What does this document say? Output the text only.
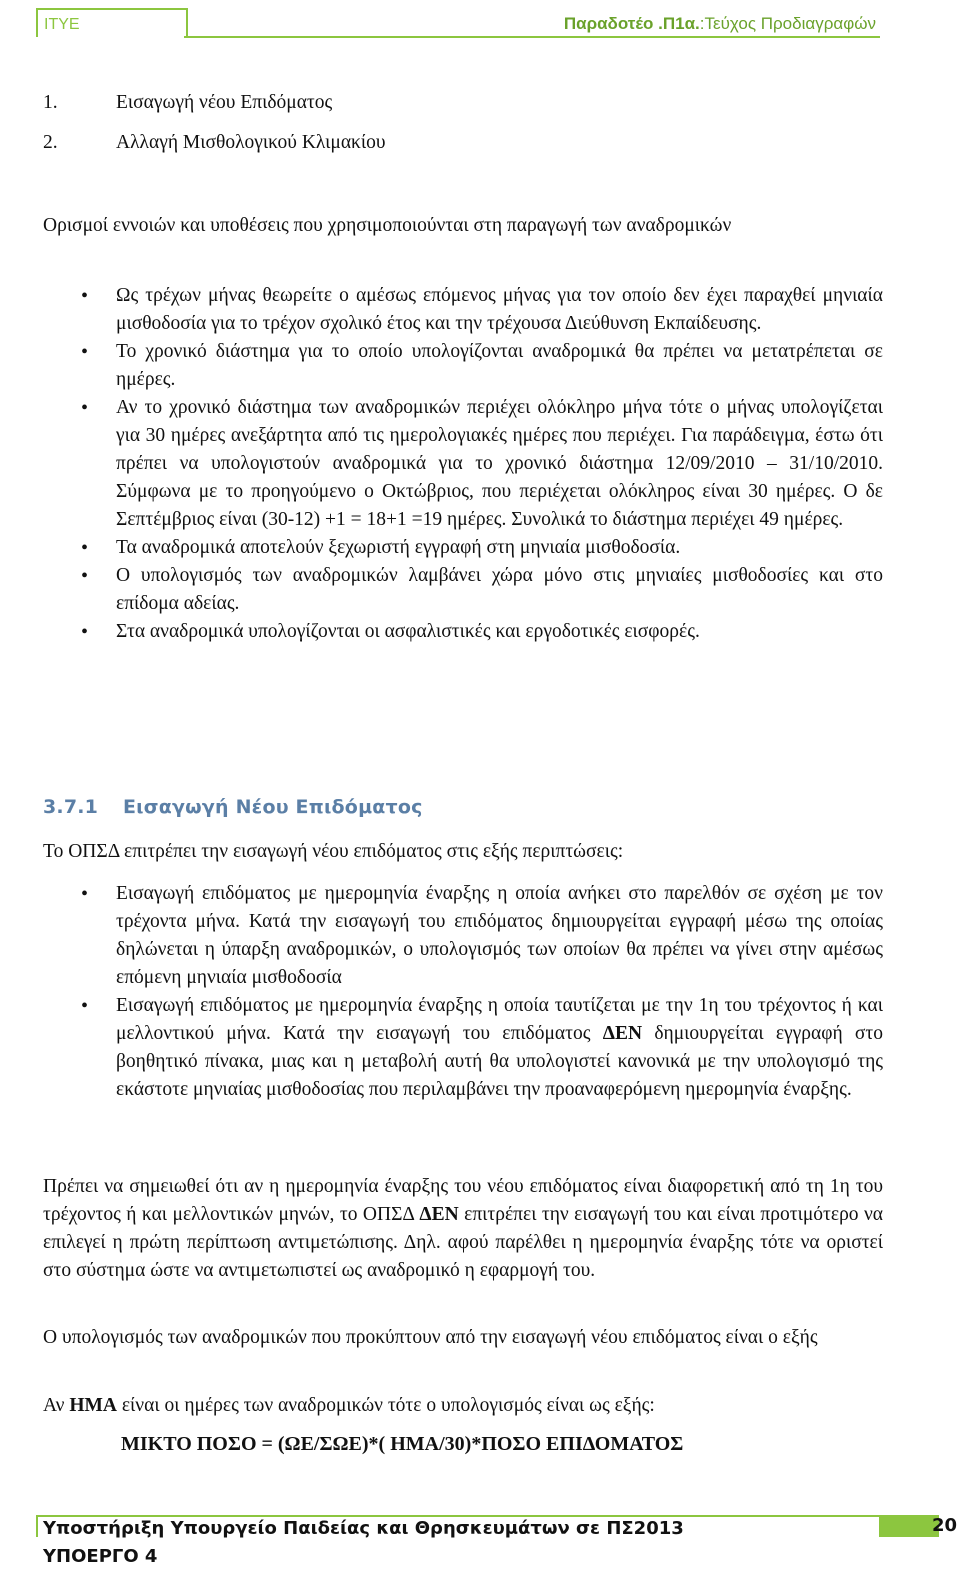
ΙΤΥΕ	Παραδοτέο .Π1α.:Τεύχος Προδιαγραφών
1.	Εισαγωγή νέου Επιδόματος
2.	Αλλαγή Μισθολογικού Κλιμακίου

Ορισμοί εννοιών και υποθέσεις που χρησιμοποιούνται στη παραγωγή των αναδρομικών

• Ως τρέχων μήνας θεωρείτε ο αμέσως επόμενος μήνας για τον οποίο δεν έχει παραχθεί μηνιαία μισθοδοσία για το τρέχον σχολικό έτος και την τρέχουσα Διεύθυνση Εκπαίδευσης.
• Το χρονικό διάστημα για το οποίο υπολογίζονται αναδρομικά θα πρέπει να μετατρέπεται σε ημέρες.
• Αν το χρονικό διάστημα των αναδρομικών περιέχει ολόκληρο μήνα τότε ο μήνας υπολογίζεται για 30 ημέρες ανεξάρτητα από τις ημερολογιακές ημέρες που περιέχει. Για παράδειγμα, έστω ότι πρέπει να υπολογιστούν αναδρομικά για το χρονικό διάστημα 12/09/2010 – 31/10/2010. Σύμφωνα με το προηγούμενο ο Οκτώβριος, που περιέχεται ολόκληρος είναι 30 ημέρες. Ο δε Σεπτέμβριος είναι (30-12) +1 = 18+1 =19 ημέρες. Συνολικά το διάστημα περιέχει 49 ημέρες.
• Τα αναδρομικά αποτελούν ξεχωριστή εγγραφή στη μηνιαία μισθοδοσία.
• Ο υπολογισμός των αναδρομικών λαμβάνει χώρα μόνο στις μηνιαίες μισθοδοσίες και στο επίδομα αδείας.
• Στα αναδρομικά υπολογίζονται οι ασφαλιστικές και εργοδοτικές εισφορές.
3.7.1 Εισαγωγή Νέου Επιδόματος

Το ΟΠΣΔ επιτρέπει την εισαγωγή νέου επιδόματος στις εξής περιπτώσεις:

• Εισαγωγή επιδόματος με ημερομηνία έναρξης η οποία ανήκει στο παρελθόν σε σχέση με τον τρέχοντα μήνα. Κατά την εισαγωγή του επιδόματος δημιουργείται εγγραφή μέσω της οποίας δηλώνεται η ύπαρξη αναδρομικών, ο υπολογισμός των οποίων θα πρέπει να γίνει στην αμέσως επόμενη μηνιαία μισθοδοσία
• Εισαγωγή επιδόματος με ημερομηνία έναρξης η οποία ταυτίζεται με την 1η του τρέχοντος ή και μελλοντικού μήνα. Κατά την εισαγωγή του επιδόματος ΔΕΝ δημιουργείται εγγραφή στο βοηθητικό πίνακα, μιας και η μεταβολή αυτή θα υπολογιστεί κανονικά με την υπολογισμό της εκάστοτε μηνιαίας μισθοδοσίας που περιλαμβάνει την προαναφερόμενη ημερομηνία έναρξης.

Πρέπει να σημειωθεί ότι αν η ημερομηνία έναρξης του νέου επιδόματος είναι διαφορετική από τη 1η του τρέχοντος ή και μελλοντικών μηνών, το ΟΠΣΔ ΔΕΝ επιτρέπει την εισαγωγή του και είναι προτιμότερο να επιλεγεί η πρώτη περίπτωση αντιμετώπισης. Δηλ. αφού παρέλθει η ημερομηνία έναρξης τότε να οριστεί στο σύστημα ώστε να αντιμετωπιστεί ως αναδρομικό η εφαρμογή του.

Ο υπολογισμός των αναδρομικών που προκύπτουν από την εισαγωγή νέου επιδόματος είναι ο εξής

Αν ΗΜΑ είναι οι ημέρες των αναδρομικών τότε ο υπολογισμός είναι ως εξής:

ΜΙΚΤΟ ΠΟΣΟ = (ΩΕ/ΣΩΕ)*( ΗΜΑ/30)*ΠΟΣΟ ΕΠΙΔΟΜΑΤΟΣ
Υποστήριξη Υπουργείο Παιδείας και Θρησκευμάτων σε ΠΣ2013
ΥΠΟΕΡΓΟ 4
20
